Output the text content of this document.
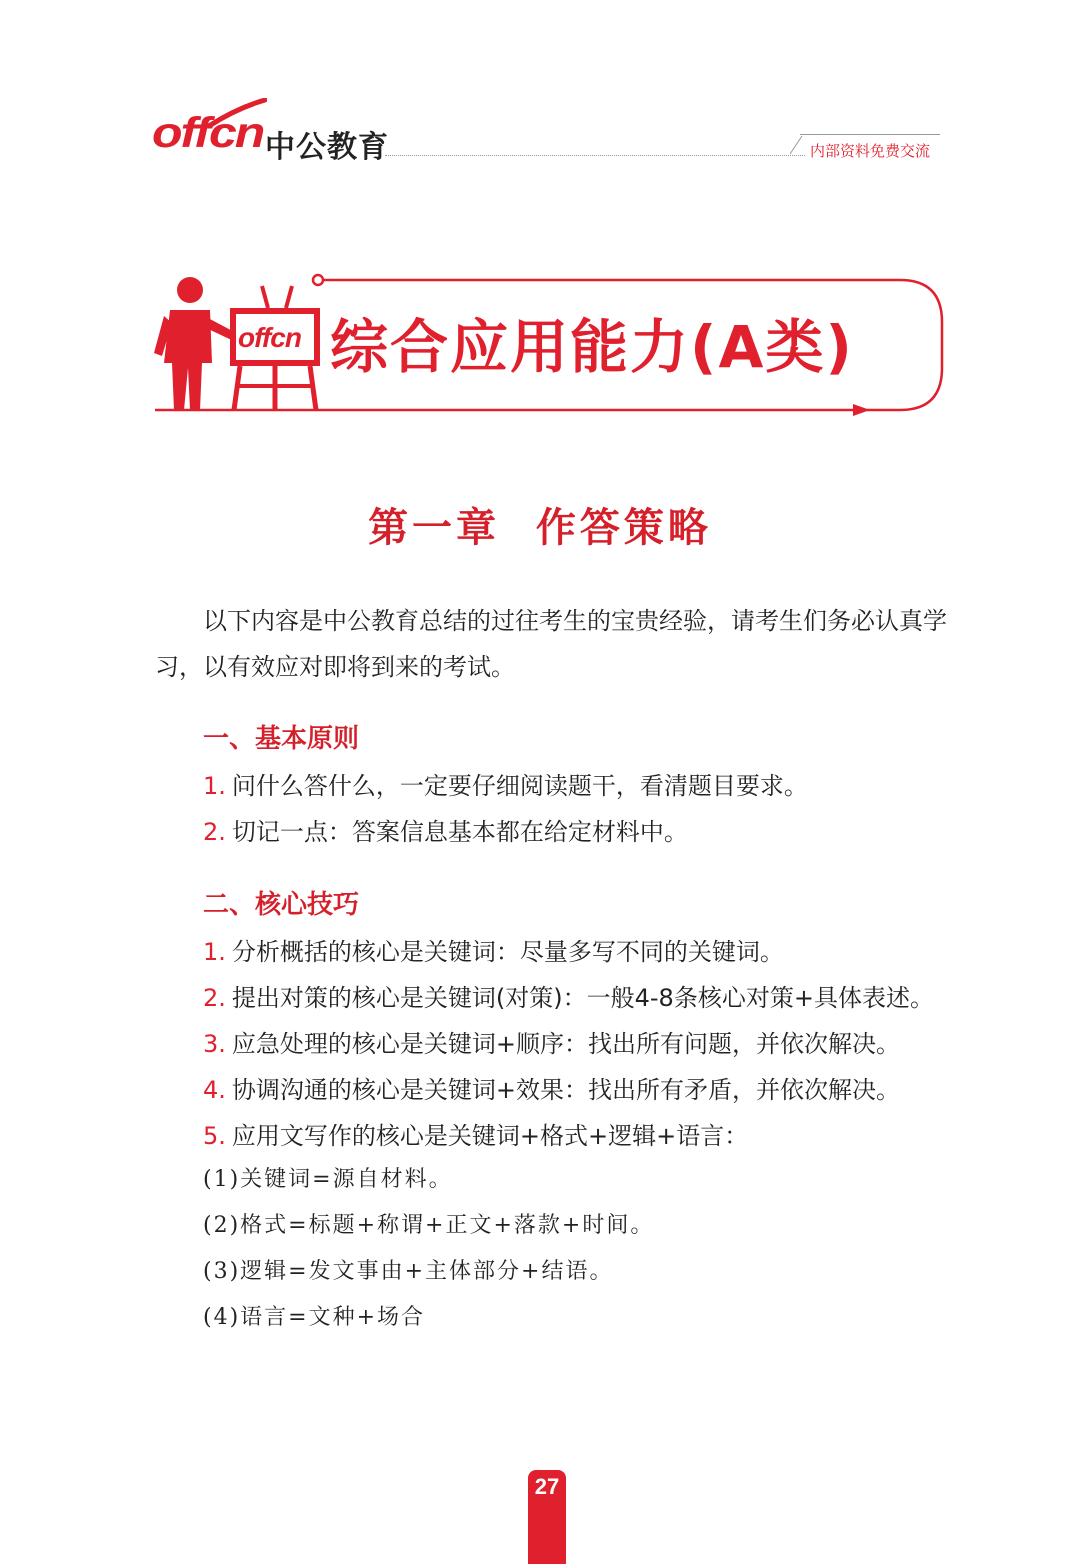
offcn 中公教育	内部资料免费交流
offcn 综合应用能力(A类)
第一章  作答策略
以下内容是中公教育总结的过往考生的宝贵经验，请考生们务必认真学习，以有效应对即将到来的考试。
一、基本原则
1. 问什么答什么，一定要仔细阅读题干，看清题目要求。
2. 切记一点：答案信息基本都在给定材料中。
二、核心技巧
1. 分析概括的核心是关键词：尽量多写不同的关键词。
2. 提出对策的核心是关键词(对策)：一般4-8条核心对策+具体表述。
3. 应急处理的核心是关键词+顺序：找出所有问题，并依次解决。
4. 协调沟通的核心是关键词+效果：找出所有矛盾，并依次解决。
5. 应用文写作的核心是关键词+格式+逻辑+语言：
(1)关键词=源自材料。
(2)格式=标题+称谓+正文+落款+时间。
(3)逻辑=发文事由+主体部分+结语。
(4)语言=文种+场合
27
